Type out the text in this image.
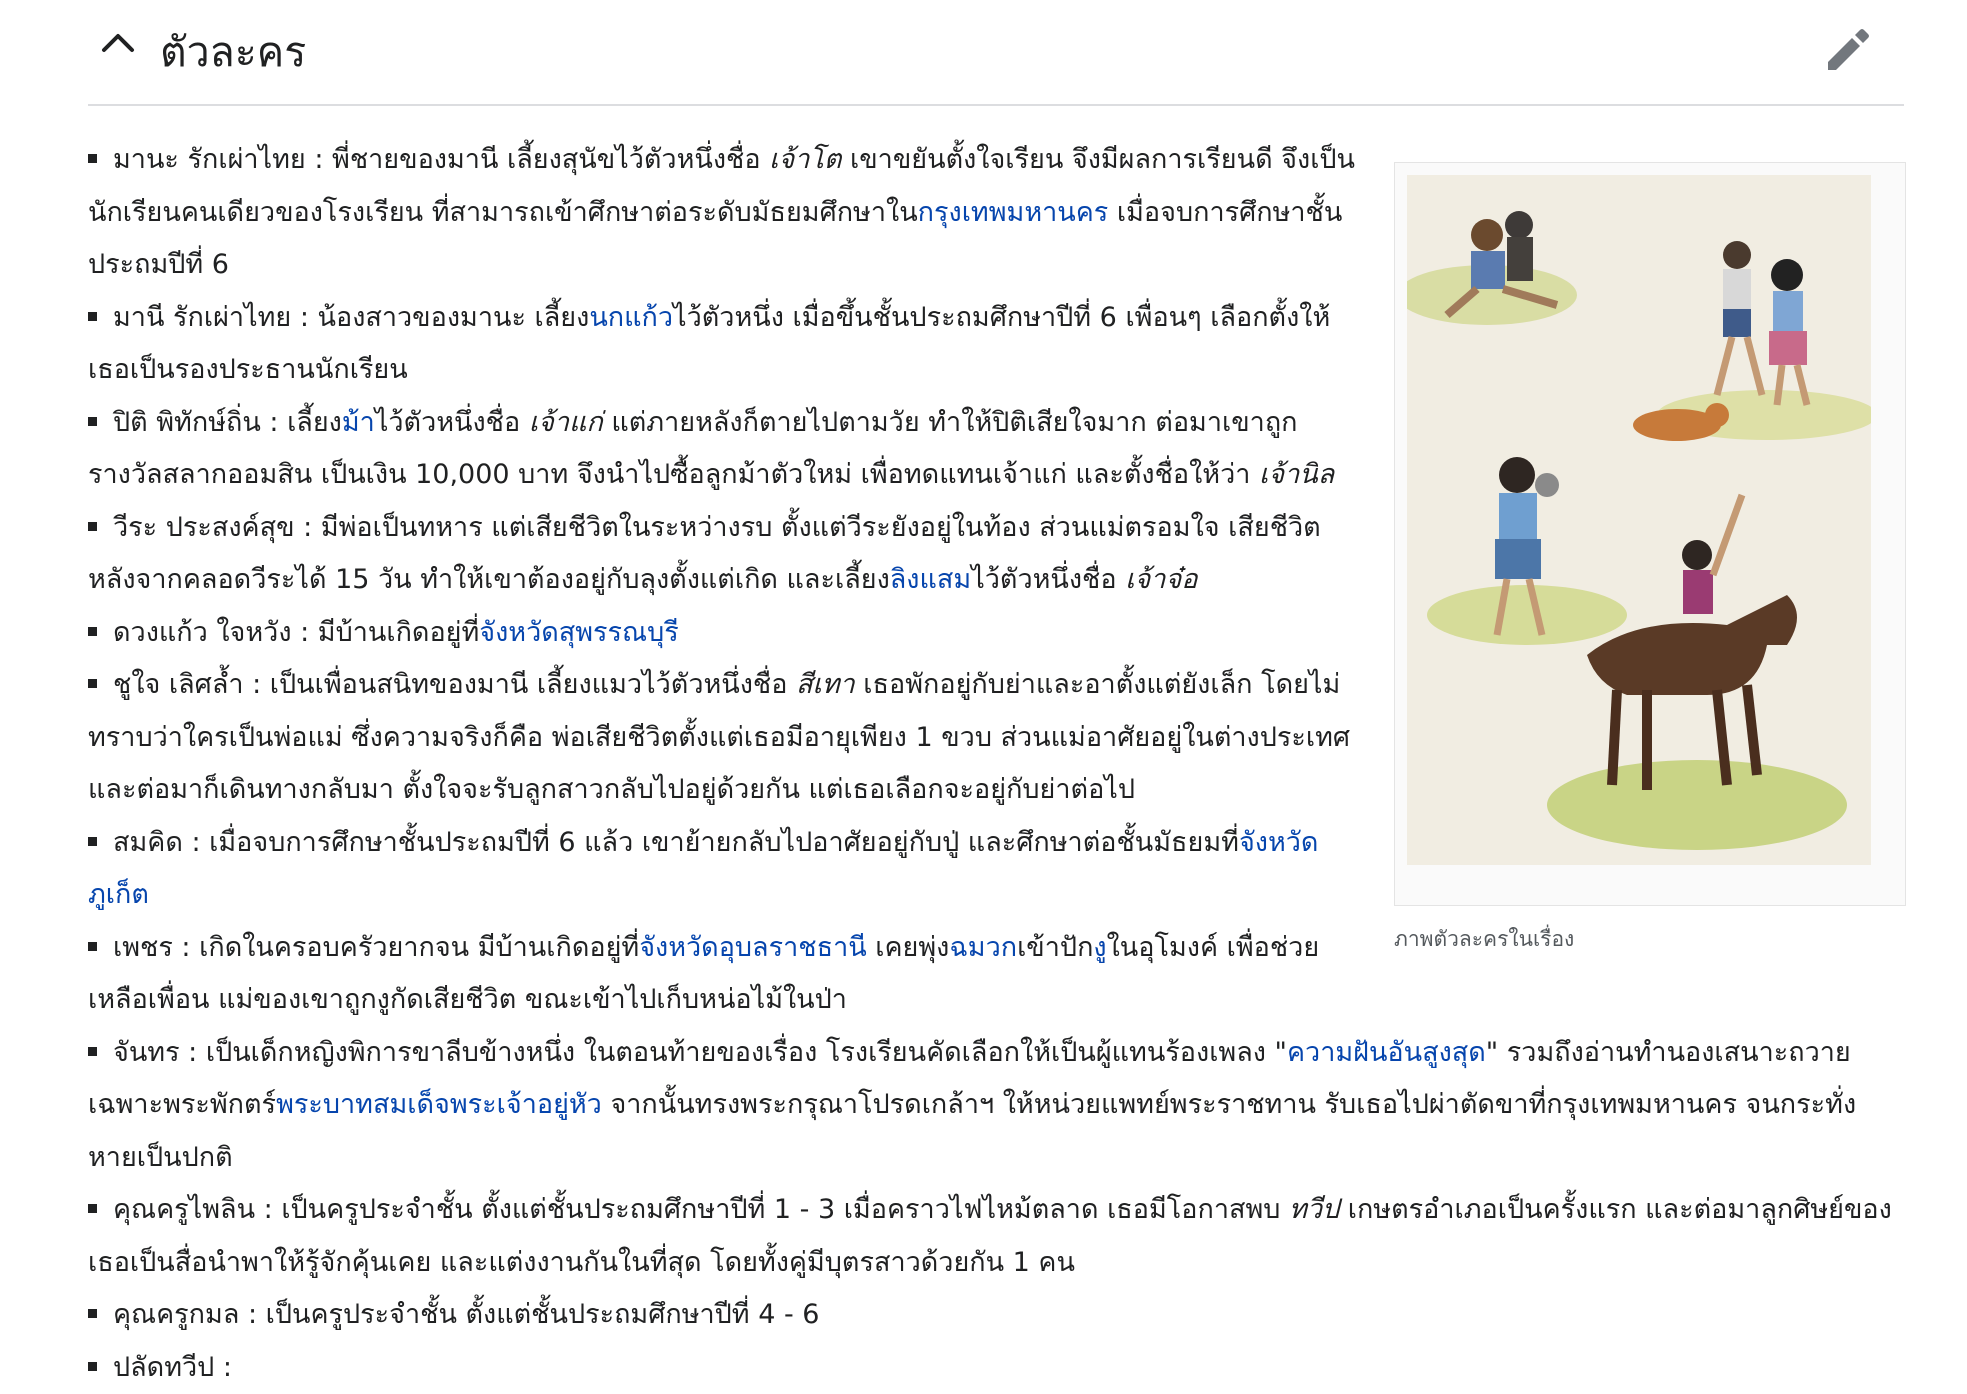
ตัวละคร
ภาพตัวละครในเรื่อง
มานะ รักเผ่าไทย : พี่ชายของมานี เลี้ยงสุนัขไว้ตัวหนึ่งชื่อ เจ้าโต เขาขยันตั้งใจเรียน จึงมีผลการเรียนดี จึงเป็นนักเรียนคนเดียวของโรงเรียน ที่สามารถเข้าศึกษาต่อระดับมัธยมศึกษาในกรุงเทพมหานคร เมื่อจบการศึกษาชั้นประถมปีที่ 6
มานี รักเผ่าไทย : น้องสาวของมานะ เลี้ยงนกแก้วไว้ตัวหนึ่ง เมื่อขึ้นชั้นประถมศึกษาปีที่ 6 เพื่อนๆ เลือกตั้งให้เธอเป็นรองประธานนักเรียน
ปิติ พิทักษ์ถิ่น : เลี้ยงม้าไว้ตัวหนึ่งชื่อ เจ้าแก่ แต่ภายหลังก็ตายไปตามวัย ทำให้ปิติเสียใจมาก ต่อมาเขาถูกรางวัลสลากออมสิน เป็นเงิน 10,000 บาท จึงนำไปซื้อลูกม้าตัวใหม่ เพื่อทดแทนเจ้าแก่ และตั้งชื่อให้ว่า เจ้านิล
วีระ ประสงค์สุข : มีพ่อเป็นทหาร แต่เสียชีวิตในระหว่างรบ ตั้งแต่วีระยังอยู่ในท้อง ส่วนแม่ตรอมใจ เสียชีวิตหลังจากคลอดวีระได้ 15 วัน ทำให้เขาต้องอยู่กับลุงตั้งแต่เกิด และเลี้ยงลิงแสมไว้ตัวหนึ่งชื่อ เจ้าจ๋อ
ดวงแก้ว ใจหวัง : มีบ้านเกิดอยู่ที่จังหวัดสุพรรณบุรี
ชูใจ เลิศล้ำ : เป็นเพื่อนสนิทของมานี เลี้ยงแมวไว้ตัวหนึ่งชื่อ สีเทา เธอพักอยู่กับย่าและอาตั้งแต่ยังเล็ก โดยไม่ทราบว่าใครเป็นพ่อแม่ ซึ่งความจริงก็คือ พ่อเสียชีวิตตั้งแต่เธอมีอายุเพียง 1 ขวบ ส่วนแม่อาศัยอยู่ในต่างประเทศ และต่อมาก็เดินทางกลับมา ตั้งใจจะรับลูกสาวกลับไปอยู่ด้วยกัน แต่เธอเลือกจะอยู่กับย่าต่อไป
สมคิด : เมื่อจบการศึกษาชั้นประถมปีที่ 6 แล้ว เขาย้ายกลับไปอาศัยอยู่กับปู่ และศึกษาต่อชั้นมัธยมที่จังหวัดภูเก็ต
เพชร : เกิดในครอบครัวยากจน มีบ้านเกิดอยู่ที่จังหวัดอุบลราชธานี เคยพุ่งฉมวกเข้าปักงูในอุโมงค์ เพื่อช่วยเหลือเพื่อน แม่ของเขาถูกงูกัดเสียชีวิต ขณะเข้าไปเก็บหน่อไม้ในป่า
จันทร : เป็นเด็กหญิงพิการขาลีบข้างหนึ่ง ในตอนท้ายของเรื่อง โรงเรียนคัดเลือกให้เป็นผู้แทนร้องเพลง "ความฝันอันสูงสุด" รวมถึงอ่านทำนองเสนาะถวาย เฉพาะพระพักตร์พระบาทสมเด็จพระเจ้าอยู่หัว จากนั้นทรงพระกรุณาโปรดเกล้าฯ ให้หน่วยแพทย์พระราชทาน รับเธอไปผ่าตัดขาที่กรุงเทพมหานคร จนกระทั่งหายเป็นปกติ
คุณครูไพลิน : เป็นครูประจำชั้น ตั้งแต่ชั้นประถมศึกษาปีที่ 1 - 3 เมื่อคราวไฟไหม้ตลาด เธอมีโอกาสพบ ทวีป เกษตรอำเภอเป็นครั้งแรก และต่อมาลูกศิษย์ของเธอเป็นสื่อนำพาให้รู้จักคุ้นเคย และแต่งงานกันในที่สุด โดยทั้งคู่มีบุตรสาวด้วยกัน 1 คน
คุณครูกมล : เป็นครูประจำชั้น ตั้งแต่ชั้นประถมศึกษาปีที่ 4 - 6
ปลัดทวีป :
